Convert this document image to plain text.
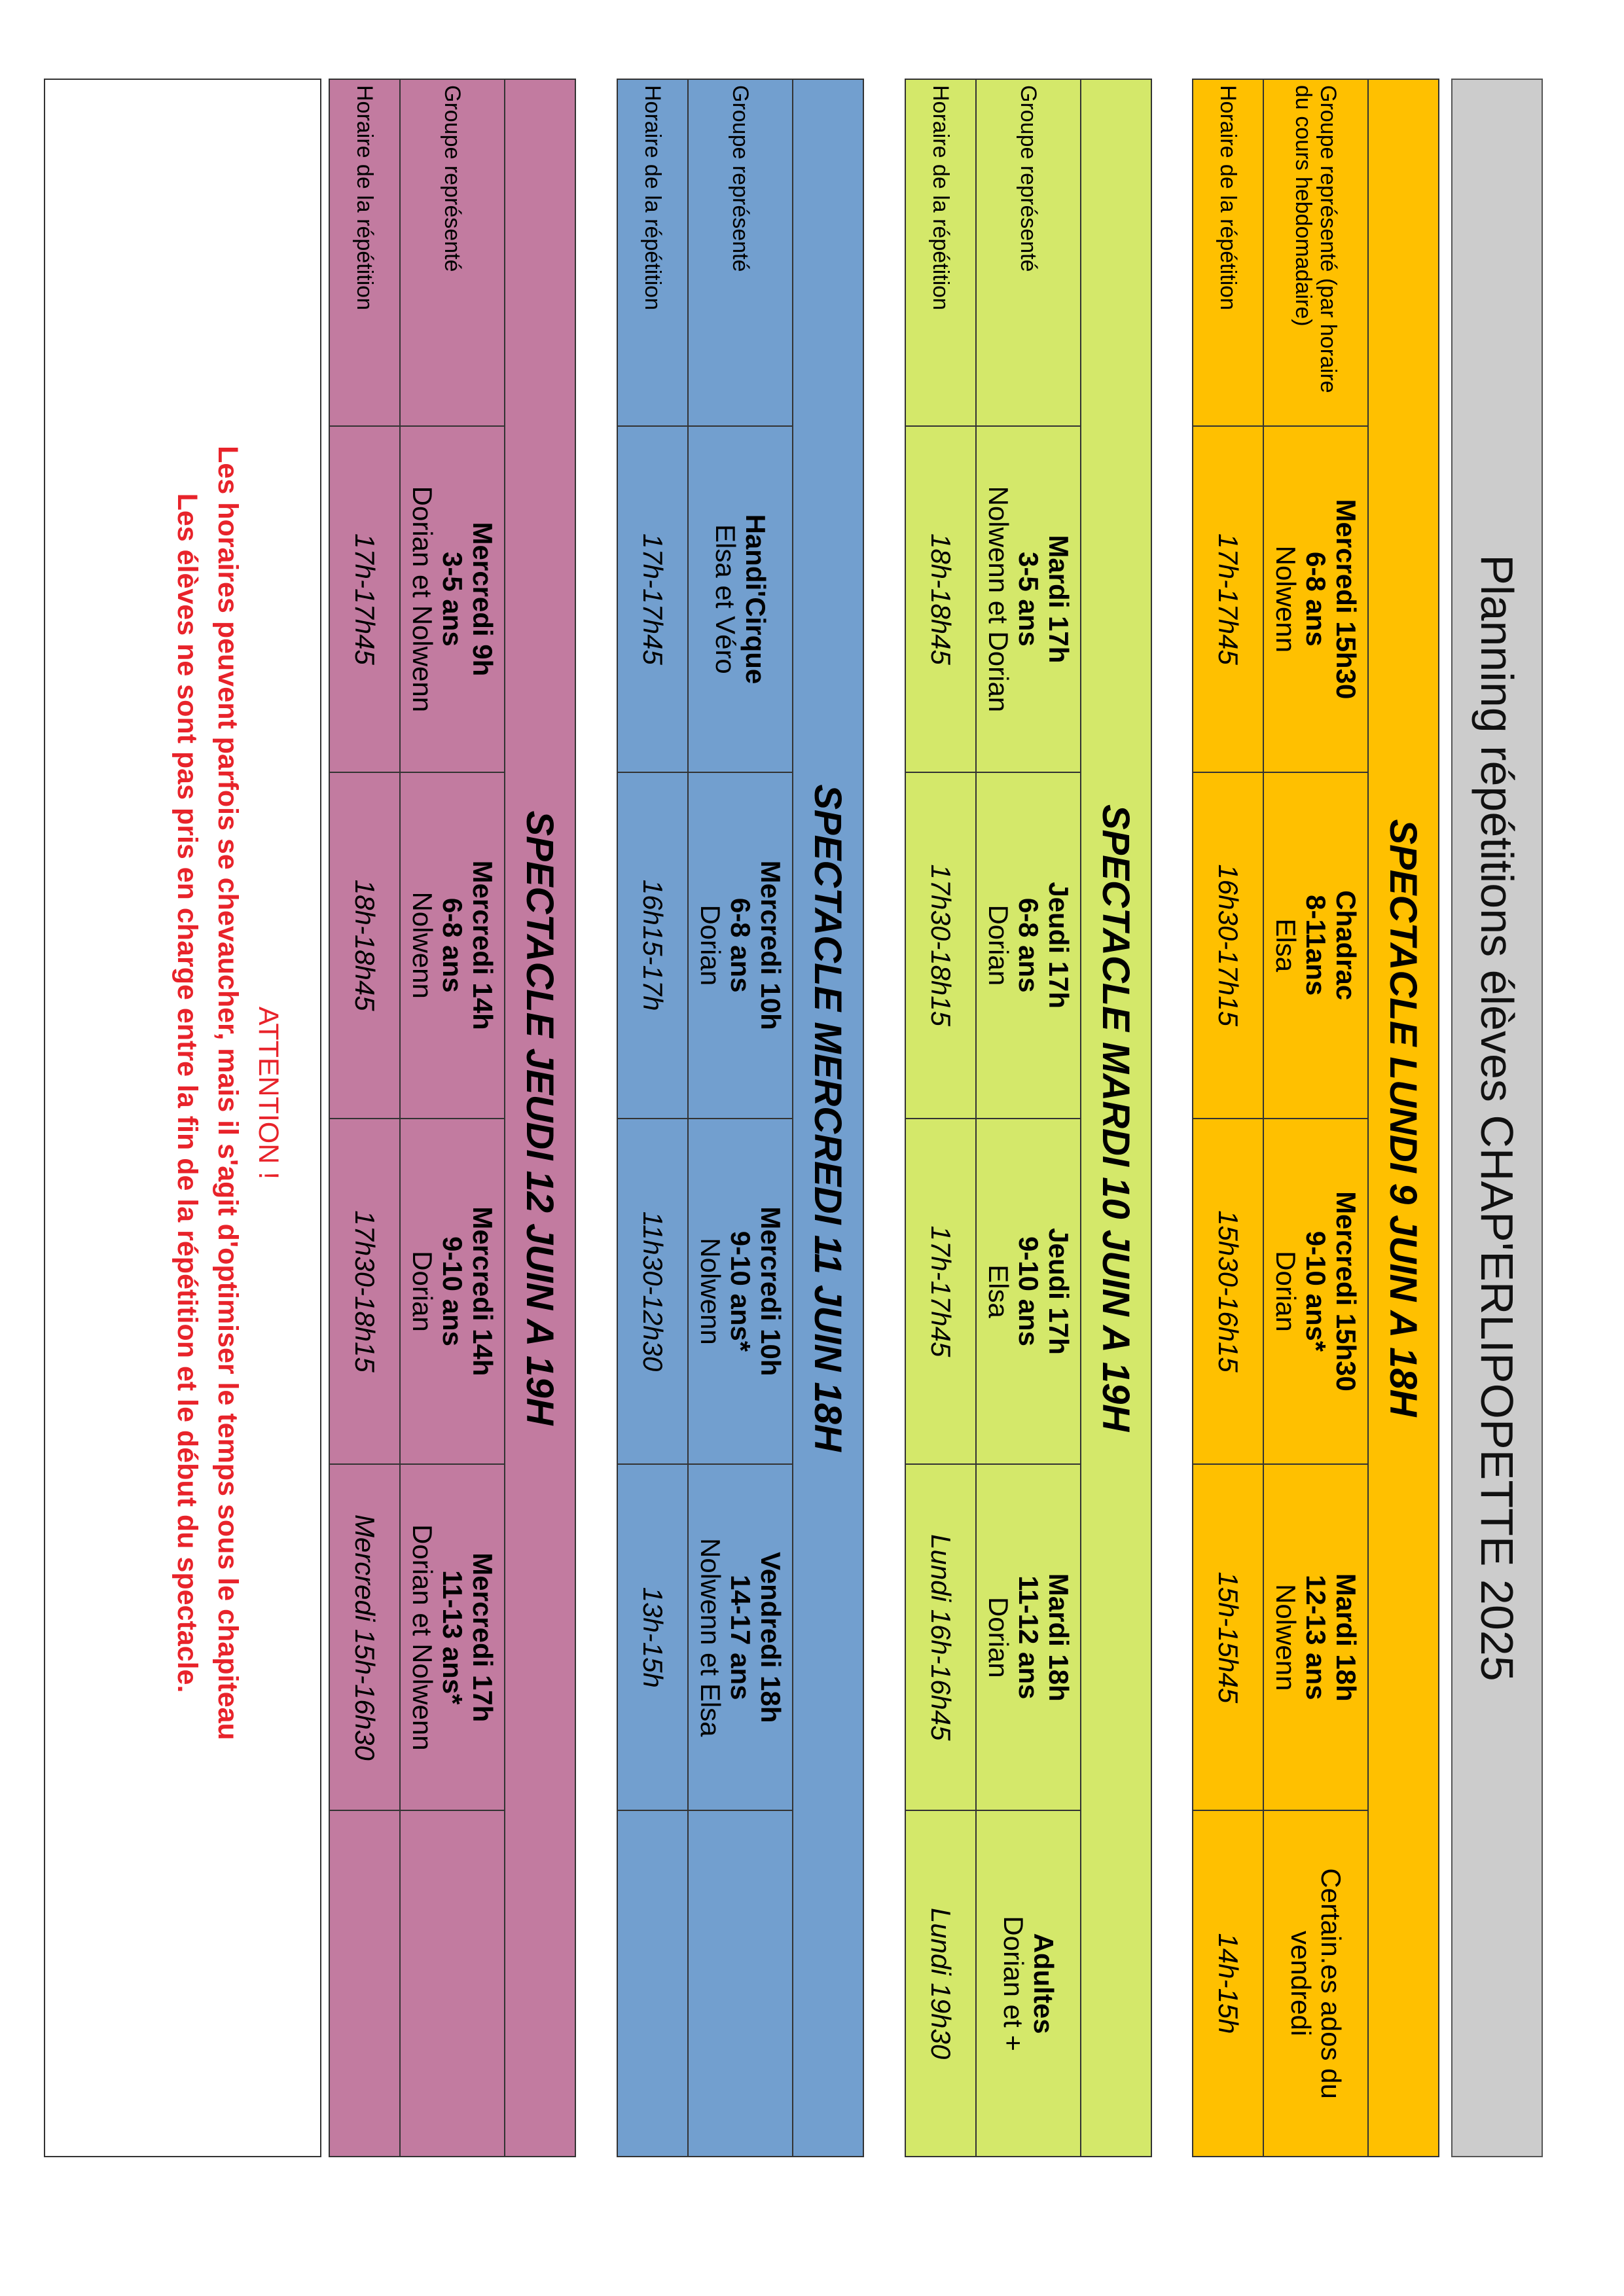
Planning répétitions élèves CHAP'ERLIPOPETTE 2025
SPECTACLE LUNDI 9 JUIN A 18H					
Groupe représenté (par horaire du cours hebdomadaire)	Mercredi 15h30
6-8 ans
Nolwenn	Chadrac
8-11ans
Elsa	Mercredi 15h30
9-10 ans*
Dorian	Mardi 18h
12-13 ans
Nolwenn	Certain.es ados du vendredi

Horaire de la répétition	17h-17h45	16h30-17h15	15h30-16h15	15h-15h45	14h-15h
SPECTACLE MARDI 10 JUIN A 19H					
Groupe représenté	Mardi 17h
3-5 ans
Nolwenn et Dorian	Jeudi 17h
6-8 ans
Dorian	Jeudi 17h
9-10 ans
Elsa	Mardi 18h
11-12 ans
Dorian	Adultes
Dorian et +

Horaire de la répétition	18h-18h45	17h30-18h15	17h-17h45	Lundi 16h-16h45	Lundi 19h30
SPECTACLE MERCREDI 11 JUIN 18H					
Groupe représenté	Handi'Cirque
Elsa et Véro	Mercredi 10h
6-8 ans
Dorian	Mercredi 10h
9-10 ans*
Nolwenn	Vendredi 18h
14-17 ans
Nolwenn et Elsa	

Horaire de la répétition	17h-17h45	16h15-17h	11h30-12h30	13h-15h	
SPECTACLE JEUDI 12 JUIN A 19H					
Groupe représenté	Mercredi 9h
3-5 ans
Dorian et Nolwenn	Mercredi 14h
6-8 ans
Nolwenn	Mercredi 14h
9-10 ans
Dorian	Mercredi 17h
11-13 ans*
Dorian et Nolwenn	

Horaire de la répétition	17h-17h45	18h-18h45	17h30-18h15	Mercredi 15h-16h30	
ATTENTION !
Les horaires peuvent parfois se chevaucher, mais il s'agit d'optimiser le temps sous le chapiteau
Les élèves ne sont pas pris en charge entre la fin de la répétition et le début du spectacle.
